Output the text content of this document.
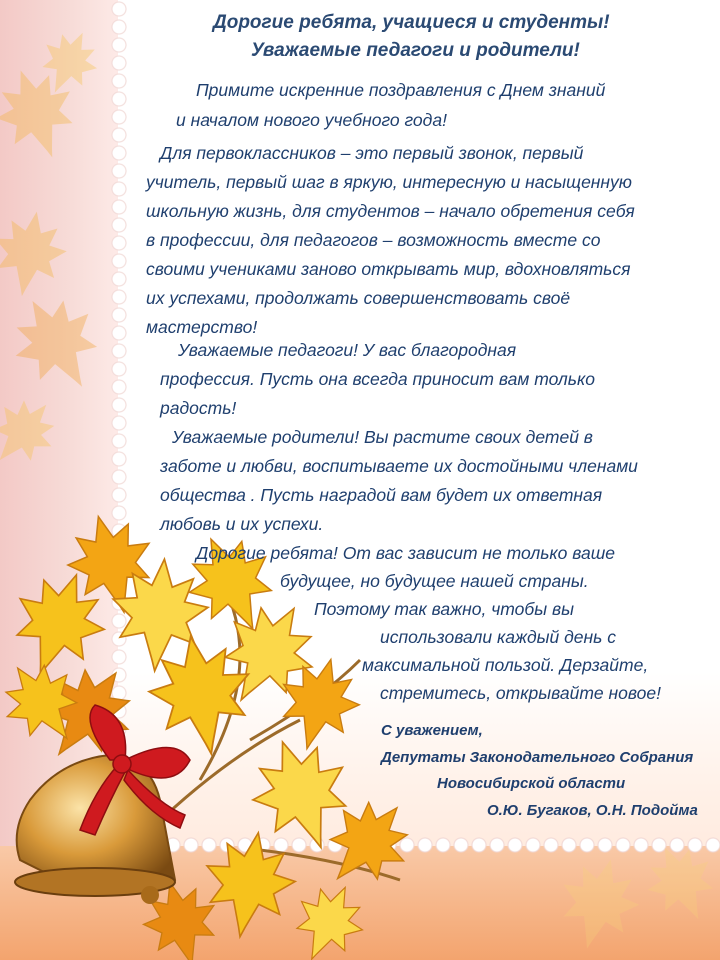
Дорогие ребята, учащиеся и студенты!
Уважаемые педагоги и родители!
Примите искренние поздравления с Днем знаний
и началом нового учебного года!
Для первоклассников – это первый звонок, первый
учитель, первый шаг в яркую, интересную и насыщенную
школьную жизнь, для студентов – начало обретения себя
в профессии, для педагогов – возможность вместе со
своими учениками заново открывать мир, вдохновляться
их успехами, продолжать совершенствовать своё
мастерство!
Уважаемые педагоги! У вас благородная
профессия. Пусть она всегда приносит вам только
радость!
Уважаемые родители! Вы растите своих детей в
заботе и любви, воспитываете их достойными членами
общества . Пусть наградой вам будет их ответная
любовь и их успехи.
Дорогие ребята! От вас зависит не только ваше
будущее, но будущее нашей страны.
Поэтому так важно, чтобы вы
использовали каждый день с
максимальной пользой. Дерзайте,
стремитесь, открывайте новое!
С уважением,
Депутаты Законодательного Собрания
Новосибирской области
О.Ю. Бугаков, О.Н. Подойма
